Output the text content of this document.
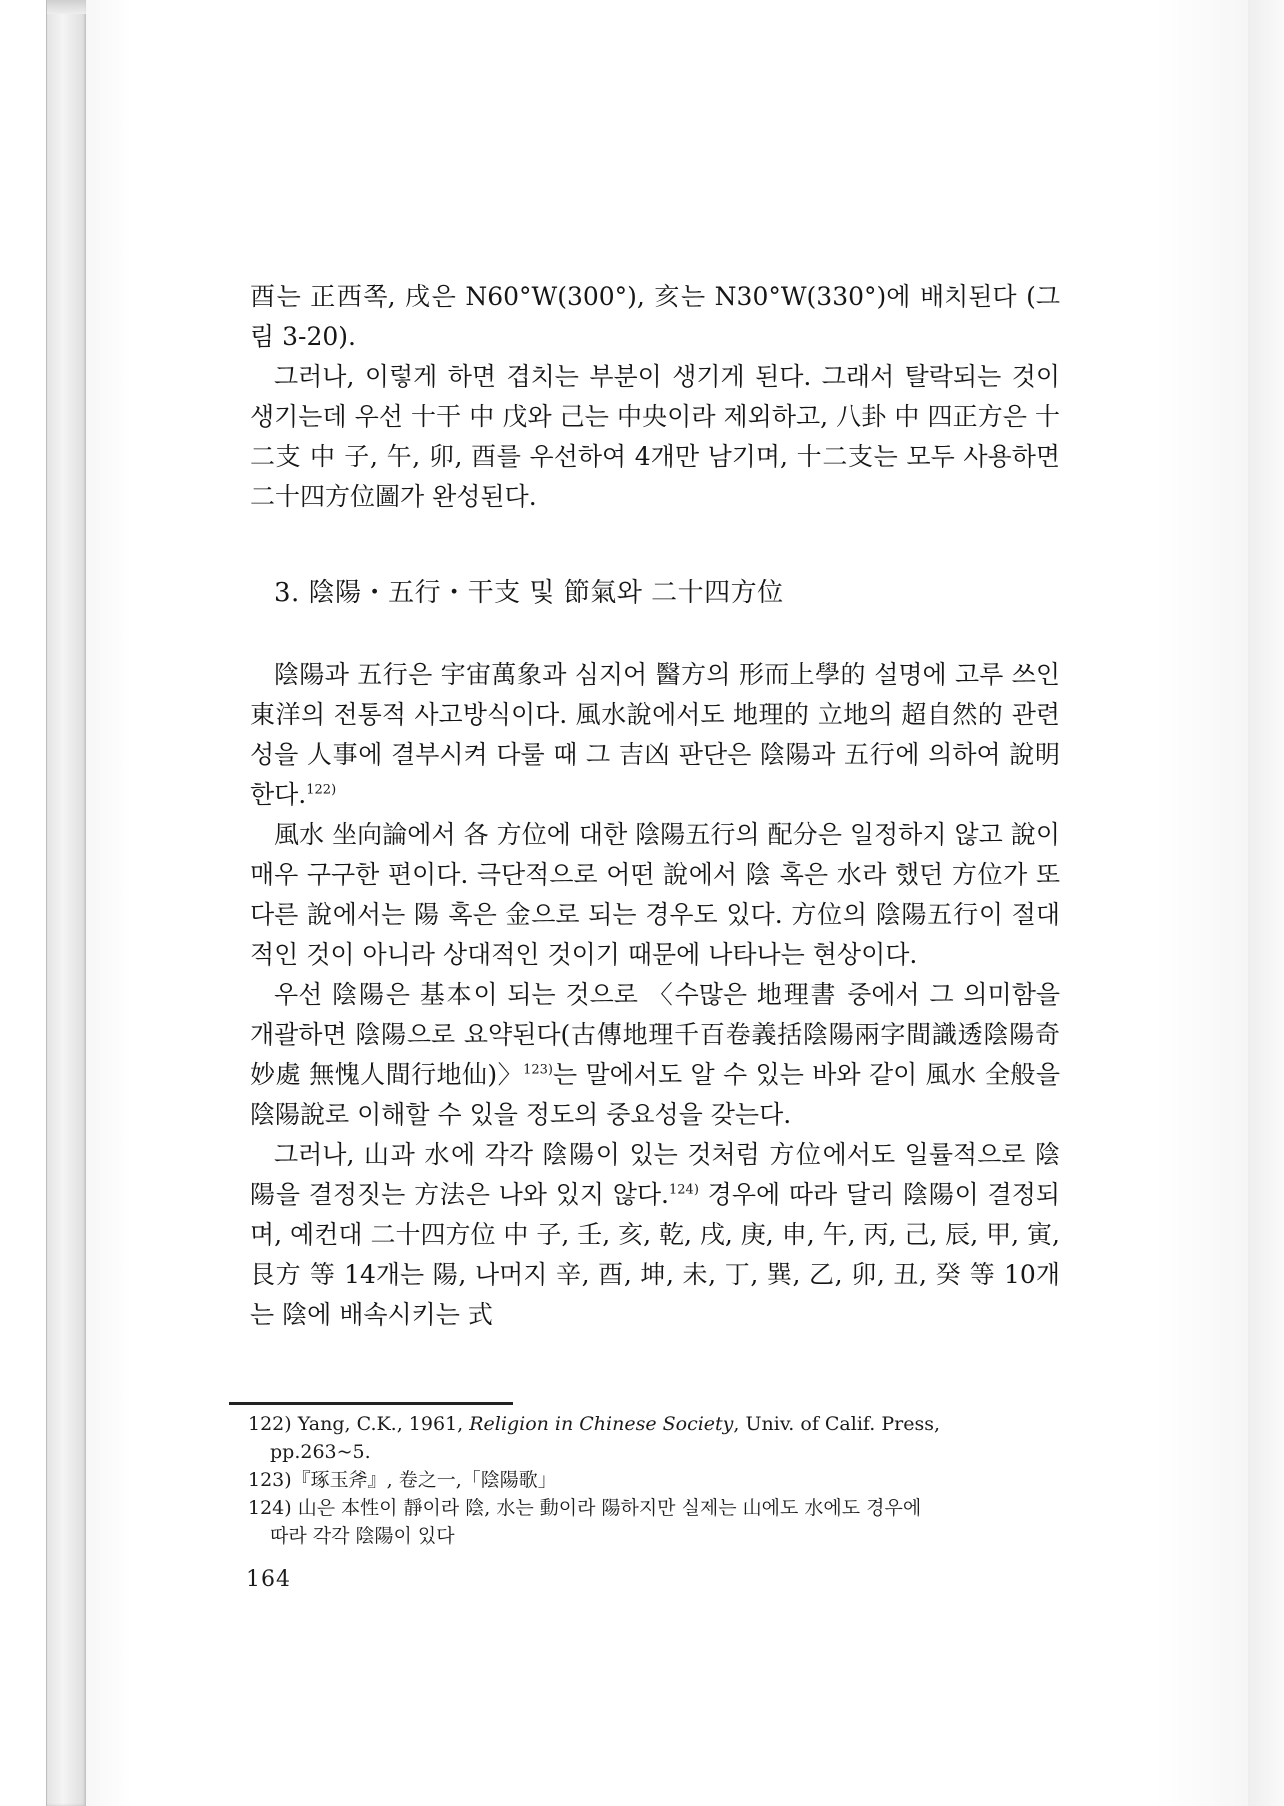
酉는 正西쪽, 戌은 N60°W(300°), 亥는 N30°W(330°)에 배치된다 (그림 3-20).

그러나, 이렇게 하면 겹치는 부분이 생기게 된다. 그래서 탈락되는 것이 생기는데 우선 十干 中 戊와 己는 中央이라 제외하고, 八卦 中 四正方은 十二支 中 子, 午, 卯, 酉를 우선하여 4개만 남기며, 十二支는 모두 사용하면 二十四方位圖가 완성된다.

3. 陰陽・五行・干支 및 節氣와 二十四方位

陰陽과 五行은 宇宙萬象과 심지어 醫方의 形而上學的 설명에 고루 쓰인 東洋의 전통적 사고방식이다. 風水說에서도 地理的 立地의 超自然的 관련성을 人事에 결부시켜 다룰 때 그 吉凶 판단은 陰陽과 五行에 의하여 說明한다.$^{122)}$

風水 坐向論에서 各 方位에 대한 陰陽五行의 配分은 일정하지 않고 說이 매우 구구한 편이다. 극단적으로 어떤 說에서 陰 혹은 水라 했던 方位가 또 다른 說에서는 陽 혹은 金으로 되는 경우도 있다. 方位의 陰陽五行이 절대적인 것이 아니라 상대적인 것이기 때문에 나타나는 현상이다.

우선 陰陽은 基本이 되는 것으로 〈수많은 地理書 중에서 그 의미함을 개괄하면 陰陽으로 요약된다(古傳地理千百卷義括陰陽兩字間識透陰陽奇妙處 無愧人間行地仙)〉$^{123)}$는 말에서도 알 수 있는 바와 같이 風水 全般을 陰陽說로 이해할 수 있을 정도의 중요성을 갖는다.

그러나, 山과 水에 각각 陰陽이 있는 것처럼 方位에서도 일률적으로 陰陽을 결정짓는 方法은 나와 있지 않다.$^{124)}$ 경우에 따라 달리 陰陽이 결정되며, 예컨대 二十四方位 中 子, 壬, 亥, 乾, 戌, 庚, 申, 午, 丙, 己, 辰, 甲, 寅, 艮方 等 14개는 陽, 나머지 辛, 酉, 坤, 未, 丁, 巽, 乙, 卯, 丑, 癸 等 10개는 陰에 배속시키는 式

122) Yang, C.K., 1961, Religion in Chinese Society, Univ. of Calif. Press,
pp.263~5.

123)『琢玉斧』, 卷之一,「陰陽歌」

124) 山은 本性이 靜이라 陰, 水는 動이라 陽하지만 실제는 山에도 水에도 경우에
따라 각각 陰陽이 있다

164
